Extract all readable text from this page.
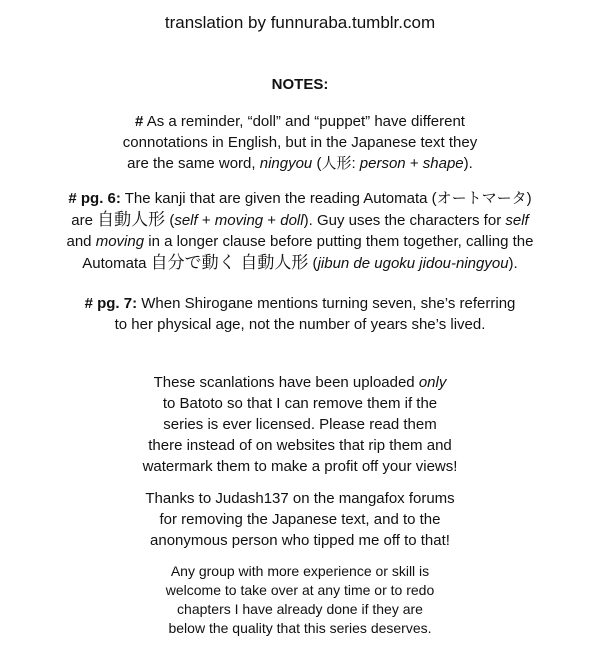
translation by funnuraba.tumblr.com
NOTES:
# As a reminder, “doll” and “puppet” have different
connotations in English, but in the Japanese text they
are the same word, ningyou (人形: person + shape).
# pg. 6: The kanji that are given the reading Automata (オートマータ)
are 自動人形 (self + moving + doll). Guy uses the characters for self
and moving in a longer clause before putting them together, calling the
Automata 自分で動く 自動人形 (jibun de ugoku jidou-ningyou).
# pg. 7: When Shirogane mentions turning seven, she’s referring
to her physical age, not the number of years she’s lived.
These scanlations have been uploaded only
to Batoto so that I can remove them if the
series is ever licensed. Please read them
there instead of on websites that rip them and
watermark them to make a profit off your views!
Thanks to Judash137 on the mangafox forums
for removing the Japanese text, and to the
anonymous person who tipped me off to that!
Any group with more experience or skill is
welcome to take over at any time or to redo
chapters I have already done if they are
below the quality that this series deserves.
